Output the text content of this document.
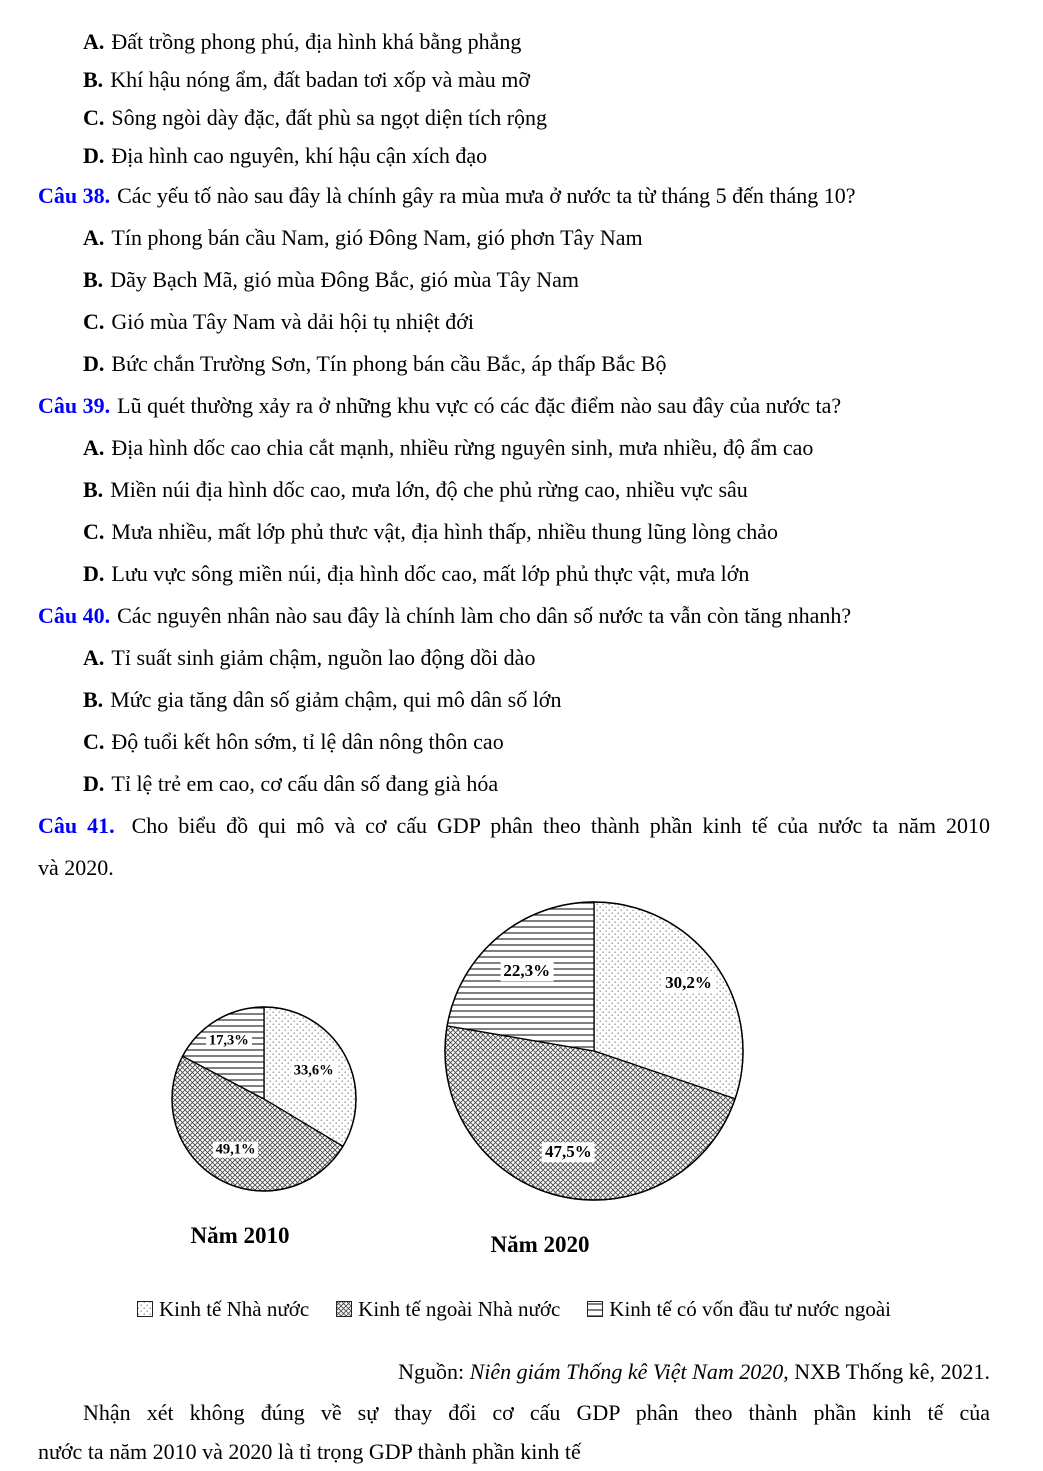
A. Đất trồng phong phú, địa hình khá bằng phẳng
B. Khí hậu nóng ẩm, đất badan tơi xốp và màu mỡ
C. Sông ngòi dày đặc, đất phù sa ngọt diện tích rộng
D. Địa hình cao nguyên, khí hậu cận xích đạo
Câu 38. Các yếu tố nào sau đây là chính gây ra mùa mưa ở nước ta từ tháng 5 đến tháng 10?
A. Tín phong bán cầu Nam, gió Đông Nam, gió phơn Tây Nam
B. Dãy Bạch Mã, gió mùa Đông Bắc, gió mùa Tây Nam
C. Gió mùa Tây Nam và dải hội tụ nhiệt đới
D. Bức chắn Trường Sơn, Tín phong bán cầu Bắc, áp thấp Bắc Bộ
Câu 39. Lũ quét thường xảy ra ở những khu vực có các đặc điểm nào sau đây của nước ta?
A. Địa hình dốc cao chia cắt mạnh, nhiều rừng nguyên sinh, mưa nhiều, độ ẩm cao
B. Miền núi địa hình dốc cao, mưa lớn, độ che phủ rừng cao, nhiều vực sâu
C. Mưa nhiều, mất lớp phủ thưc vật, địa hình thấp, nhiều thung lũng lòng chảo
D. Lưu vực sông miền núi, địa hình dốc cao, mất lớp phủ thực vật, mưa lớn
Câu 40. Các nguyên nhân nào sau đây là chính làm cho dân số nước ta vẫn còn tăng nhanh?
A. Tỉ suất sinh giảm chậm, nguồn lao động dồi dào
B. Mức gia tăng dân số giảm chậm, qui mô dân số lớn
C. Độ tuổi kết hôn sớm, tỉ lệ dân nông thôn cao
D. Tỉ lệ trẻ em cao, cơ cấu dân số đang già hóa
Câu 41. Cho biểu đồ qui mô và cơ cấu GDP phân theo thành phần kinh tế của nước ta năm 2010
và 2020.
33,6%
49,1%
17,3%
30,2%
47,5%
22,3%
Năm 2010	Năm 2020
Kinh tế Nhà nước Kinh tế ngoài Nhà nước Kinh tế có vốn đầu tư nước ngoài
Nguồn: Niên giám Thống kê Việt Nam 2020, NXB Thống kê, 2021.
Nhận xét không đúng về sự thay đổi cơ cấu GDP phân theo thành phần kinh tế của
nước ta năm 2010 và 2020 là tỉ trọng GDP thành phần kinh tế
